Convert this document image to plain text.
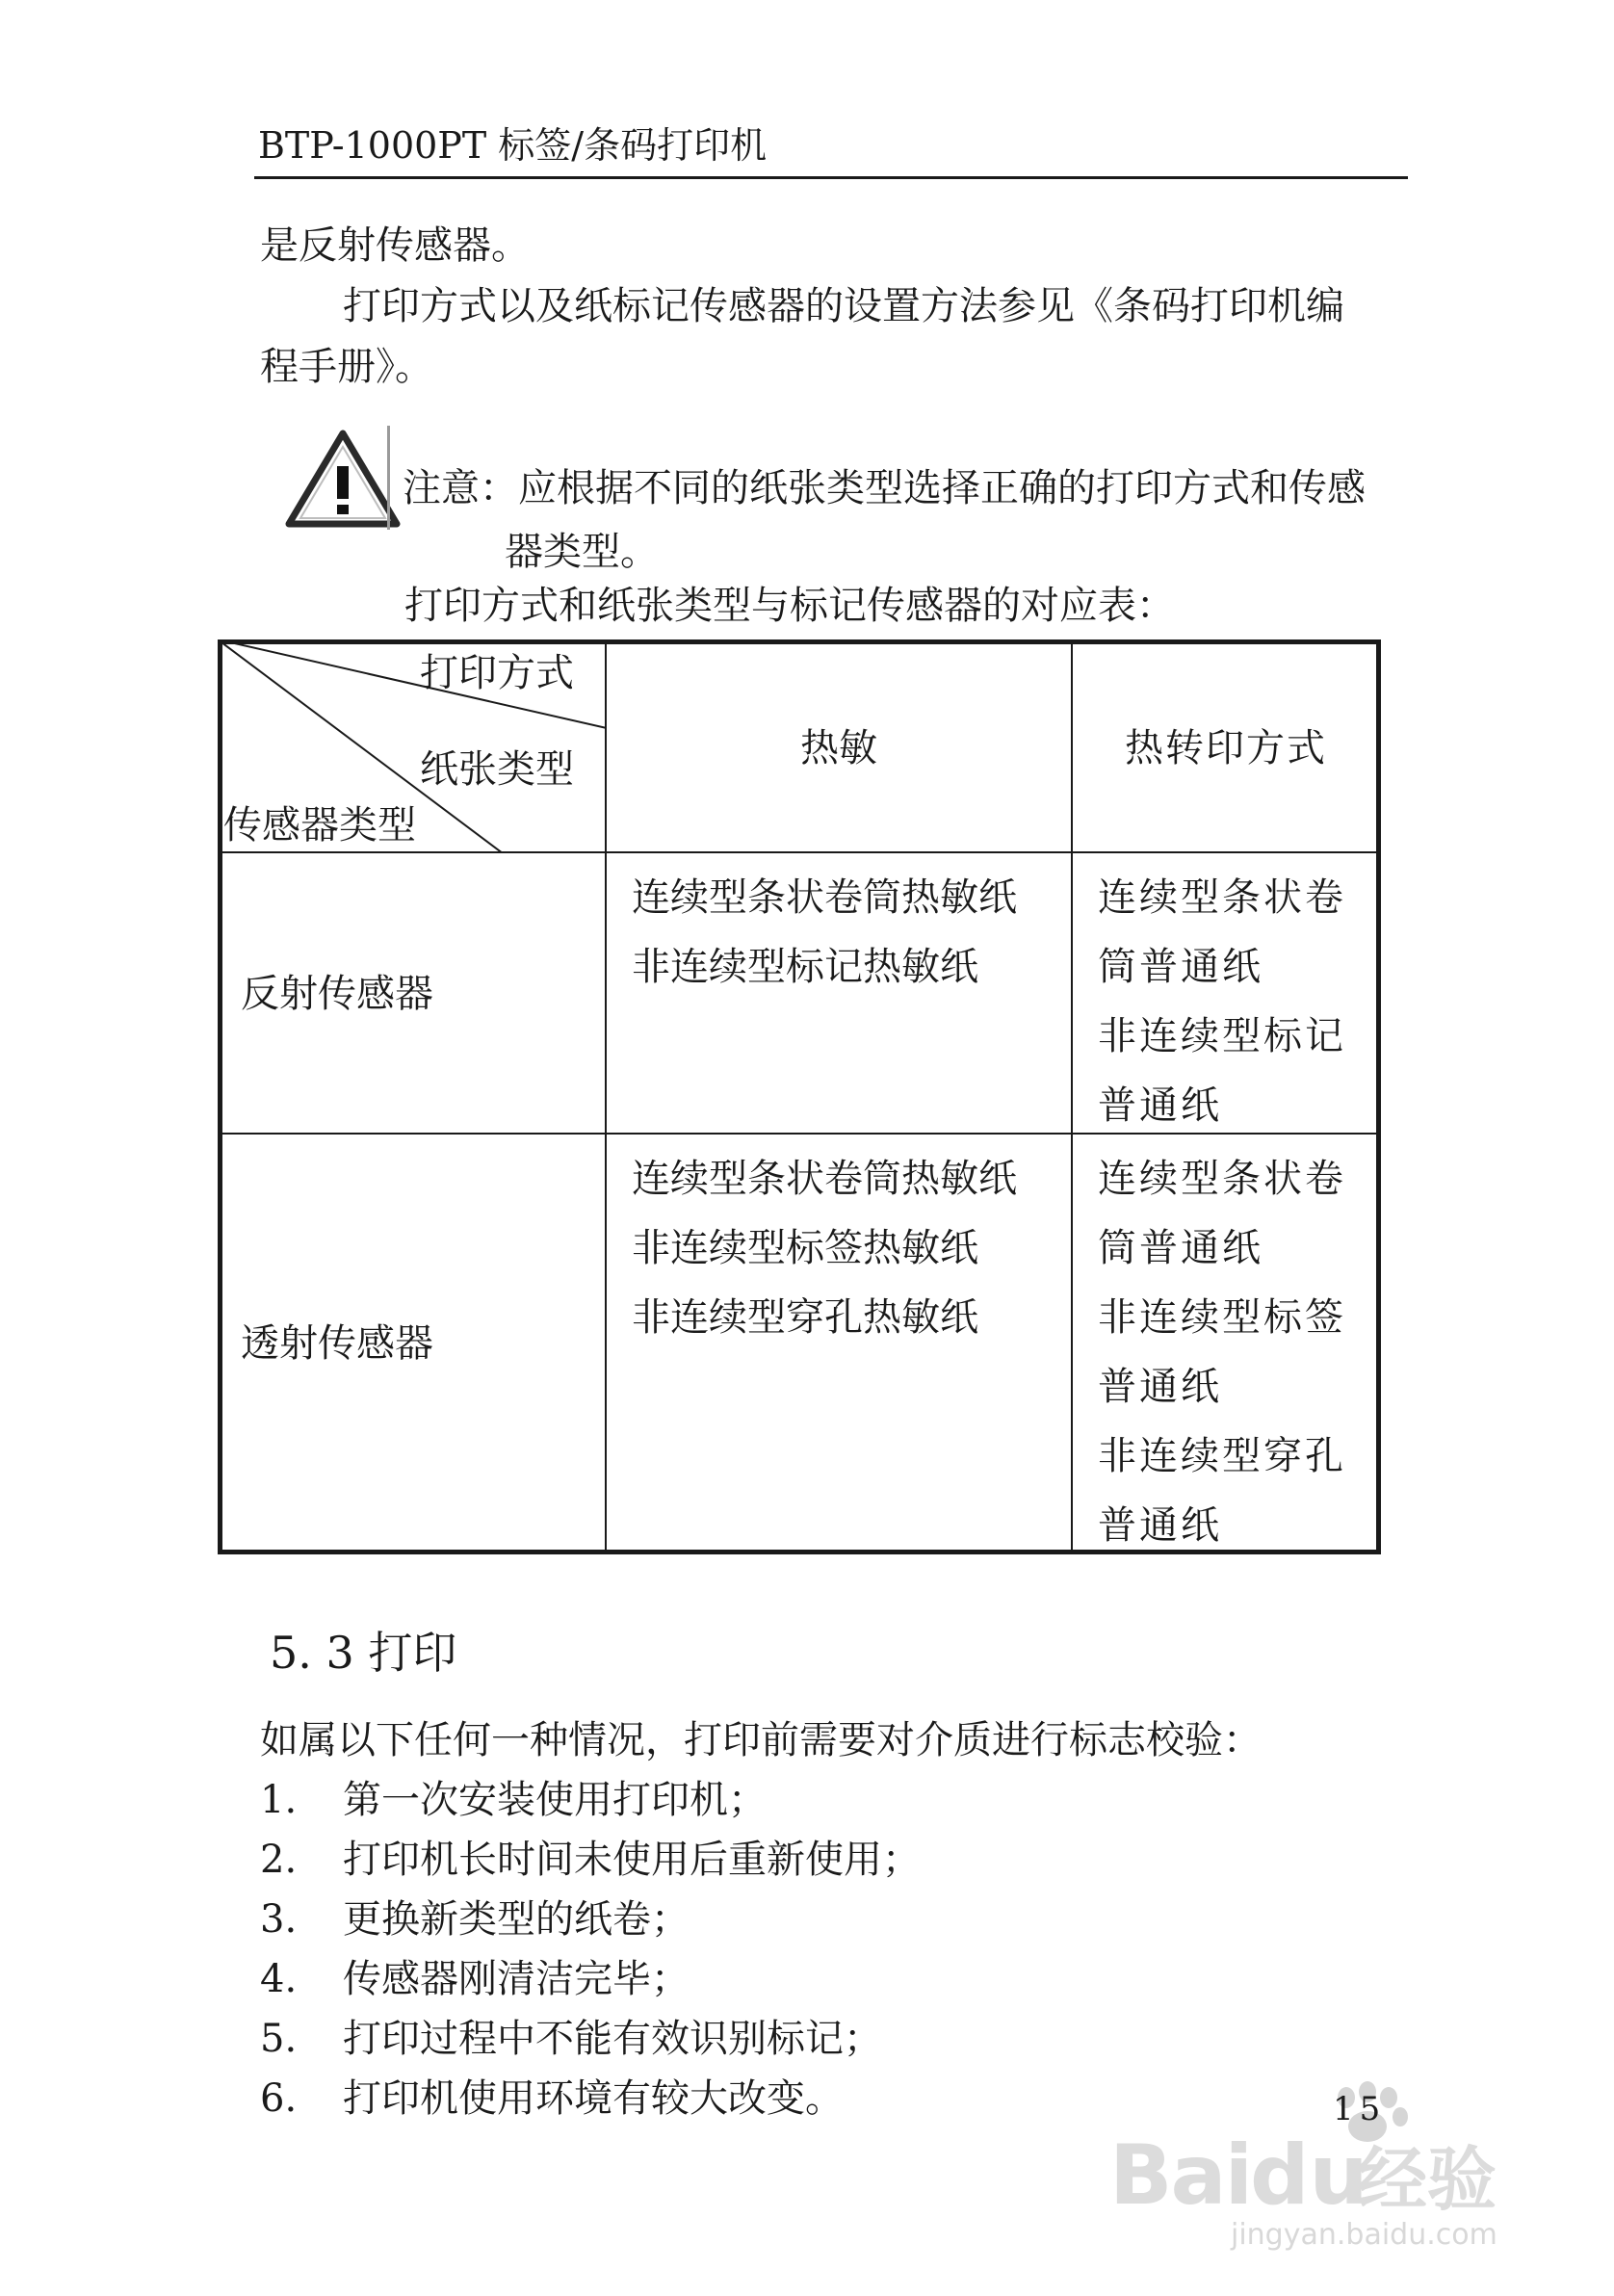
BTP-1000PT 标签/条码打印机
是反射传感器。
打印方式以及纸标记传感器的设置方法参见《条码打印机编
程手册》。
注意：应根据不同的纸张类型选择正确的打印方式和传感
器类型。
打印方式和纸张类型与标记传感器的对应表：
打印方式
纸张类型
传感器类型
热敏	热转印方式
反射传感器
连续型条状卷筒热敏纸
非连续型标记热敏纸
连续型条状卷
筒普通纸
非连续型标记
普通纸
透射传感器
连续型条状卷筒热敏纸
非连续型标签热敏纸
非连续型穿孔热敏纸
连续型条状卷
筒普通纸
非连续型标签
普通纸
非连续型穿孔
普通纸
5. 3 打印
如属以下任何一种情况，打印前需要对介质进行标志校验：
1. 第一次安装使用打印机；
2. 打印机长时间未使用后重新使用；
3. 更换新类型的纸卷；
4. 传感器刚清洁完毕；
5. 打印过程中不能有效识别标记；
6. 打印机使用环境有较大改变。
Bai
du
经验
jingyan.baidu.com
15
